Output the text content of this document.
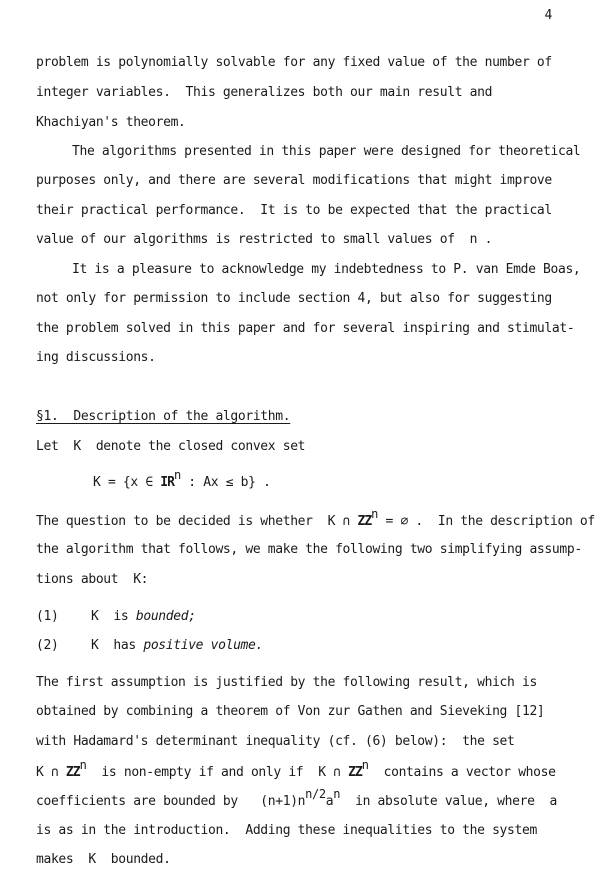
4
problem is polynomially solvable for any fixed value of the number of
integer variables.  This generalizes both our main result and
Khachiyan's theorem.
The algorithms presented in this paper were designed for theoretical
purposes only, and there are several modifications that might improve
their practical performance.  It is to be expected that the practical
value of our algorithms is restricted to small values of  n .
It is a pleasure to acknowledge my indebtedness to P. van Emde Boas,
not only for permission to include section 4, but also for suggesting
the problem solved in this paper and for several inspiring and stimulat-
ing discussions.
§1.  Description of the algorithm.
Let  K  denote the closed convex set
K = {x ∈ IRn : Ax ≤ b} .
The question to be decided is whether  K ∩ ZZn = ∅ .  In the description of
the algorithm that follows, we make the following two simplifying assump-
tions about  K:
(1)	K  is bounded;
(2)	K  has positive volume.
The first assumption is justified by the following result, which is
obtained by combining a theorem of Von zur Gathen and Sieveking [12]
with Hadamard's determinant inequality (cf. (6) below):  the set
K ∩ ZZn  is non-empty if and only if  K ∩ ZZn  contains a vector whose
coefficients are bounded by   (n+1)nn/2an  in absolute value, where  a
is as in the introduction.  Adding these inequalities to the system
makes  K  bounded.
